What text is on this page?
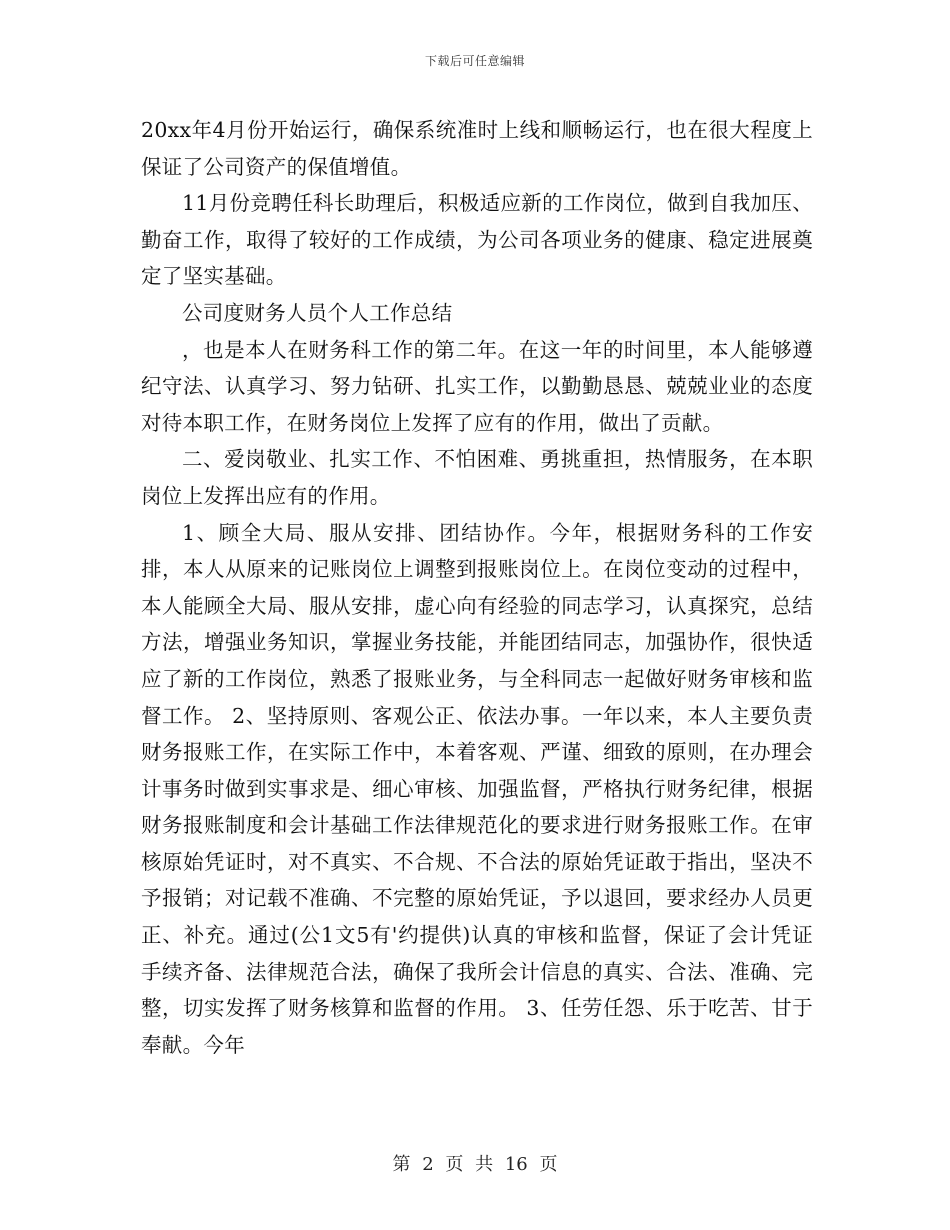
下载后可任意编辑

20xx年4月份开始运行，确保系统准时上线和顺畅运行，也在很大程度上保证了公司资产的保值增值。

11月份竞聘任科长助理后，积极适应新的工作岗位，做到自我加压、勤奋工作，取得了较好的工作成绩，为公司各项业务的健康、稳定进展奠定了坚实基础。

公司度财务人员个人工作总结

，也是本人在财务科工作的第二年。在这一年的时间里，本人能够遵纪守法、认真学习、努力钻研、扎实工作，以勤勤恳恳、兢兢业业的态度对待本职工作，在财务岗位上发挥了应有的作用，做出了贡献。

二、爱岗敬业、扎实工作、不怕困难、勇挑重担，热情服务，在本职岗位上发挥出应有的作用。

1、顾全大局、服从安排、团结协作。今年，根据财务科的工作安排，本人从原来的记账岗位上调整到报账岗位上。在岗位变动的过程中，本人能顾全大局、服从安排，虚心向有经验的同志学习，认真探究，总结方法，增强业务知识，掌握业务技能，并能团结同志，加强协作，很快适应了新的工作岗位，熟悉了报账业务，与全科同志一起做好财务审核和监督工作。 2、坚持原则、客观公正、依法办事。一年以来，本人主要负责财务报账工作，在实际工作中，本着客观、严谨、细致的原则，在办理会计事务时做到实事求是、细心审核、加强监督，严格执行财务纪律，根据财务报账制度和会计基础工作法律规范化的要求进行财务报账工作。在审核原始凭证时，对不真实、不合规、不合法的原始凭证敢于指出，坚决不予报销；对记载不准确、不完整的原始凭证，予以退回，要求经办人员更正、补充。通过(公1文5有'约提供)认真的审核和监督，保证了会计凭证手续齐备、法律规范合法，确保了我所会计信息的真实、合法、准确、完整，切实发挥了财务核算和监督的作用。 3、任劳任怨、乐于吃苦、甘于奉献。今年

第 2 页 共 16 页
